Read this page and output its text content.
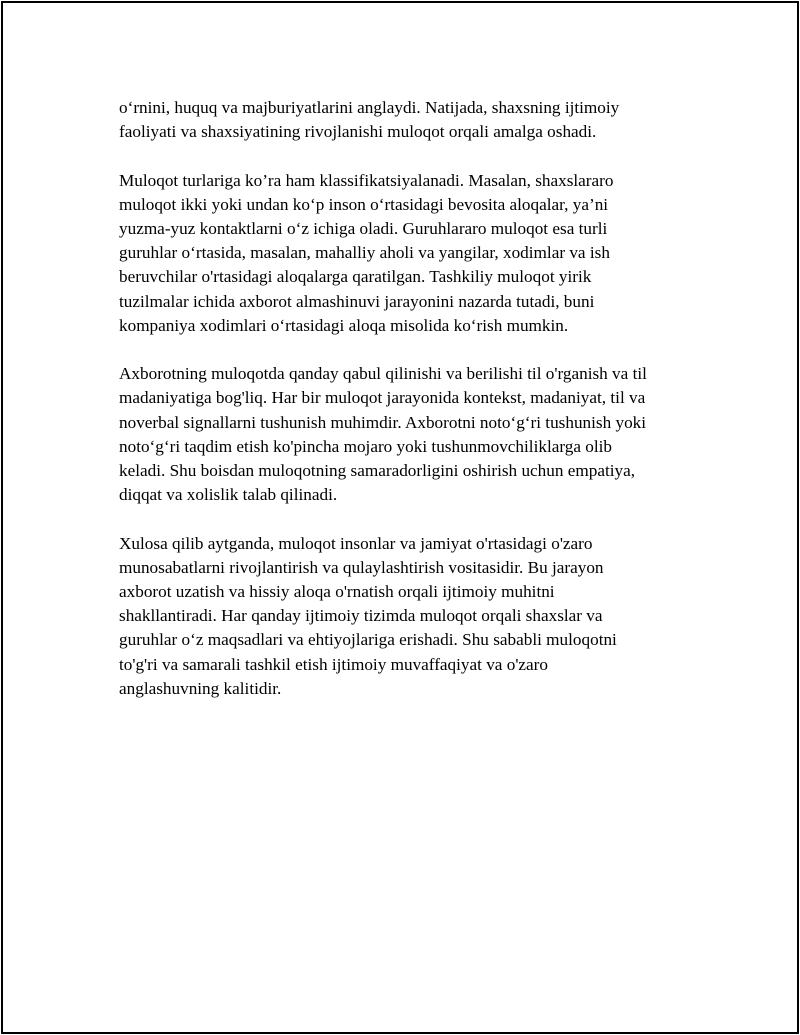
o‘rnini, huquq va majburiyatlarini anglaydi. Natijada, shaxsning ijtimoiy
faoliyati va shaxsiyatining rivojlanishi muloqot orqali amalga oshadi.

Muloqot turlariga ko’ra ham klassifikatsiyalanadi. Masalan, shaxslararo
muloqot ikki yoki undan ko‘p inson o‘rtasidagi bevosita aloqalar, ya’ni
yuzma-yuz kontaktlarni o‘z ichiga oladi. Guruhlararo muloqot esa turli
guruhlar o‘rtasida, masalan, mahalliy aholi va yangilar, xodimlar va ish
beruvchilar o'rtasidagi aloqalarga qaratilgan. Tashkiliy muloqot yirik
tuzilmalar ichida axborot almashinuvi jarayonini nazarda tutadi, buni
kompaniya xodimlari o‘rtasidagi aloqa misolida ko‘rish mumkin.

Axborotning muloqotda qanday qabul qilinishi va berilishi til o'rganish va til
madaniyatiga bog'liq. Har bir muloqot jarayonida kontekst, madaniyat, til va
noverbal signallarni tushunish muhimdir. Axborotni noto‘g‘ri tushunish yoki
noto‘g‘ri taqdim etish ko'pincha mojaro yoki tushunmovchiliklarga olib
keladi. Shu boisdan muloqotning samaradorligini oshirish uchun empatiya,
diqqat va xolislik talab qilinadi.

Xulosa qilib aytganda, muloqot insonlar va jamiyat o'rtasidagi o'zaro
munosabatlarni rivojlantirish va qulaylashtirish vositasidir. Bu jarayon
axborot uzatish va hissiy aloqa o'rnatish orqali ijtimoiy muhitni
shakllantiradi. Har qanday ijtimoiy tizimda muloqot orqali shaxslar va
guruhlar o‘z maqsadlari va ehtiyojlariga erishadi. Shu sababli muloqotni
to'g'ri va samarali tashkil etish ijtimoiy muvaffaqiyat va o'zaro
anglashuvning kalitidir.
